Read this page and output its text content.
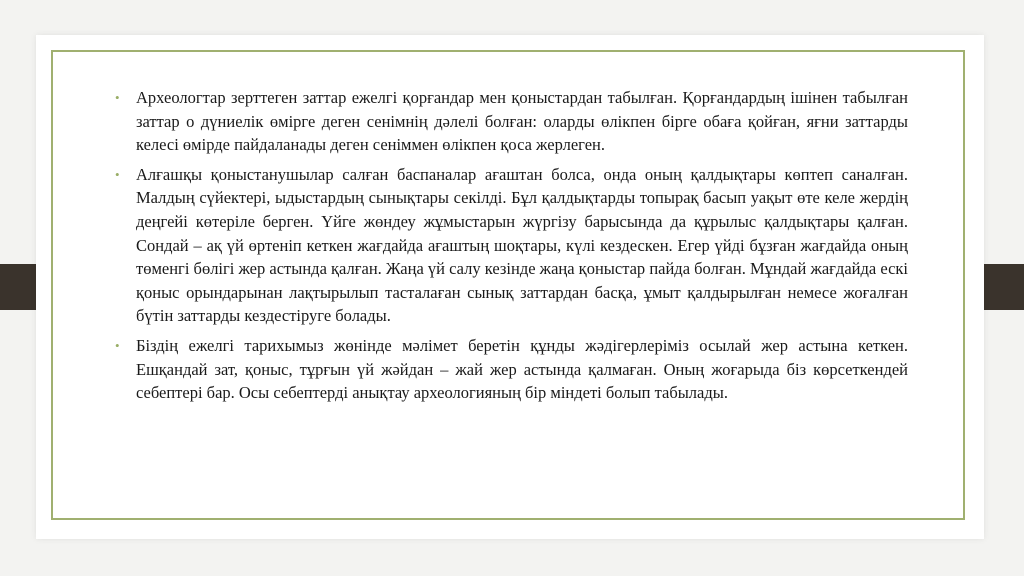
• Археологтар зерттеген заттар ежелгі қорғандар мен қоныстардан табылған. Қорғандардың ішінен табылған заттар о дүниелік өмірге деген сенімнің дәлелі болған: оларды өлікпен бірге обаға қойған, яғни заттарды келесі өмірде пайдаланады деген сеніммен өлікпен қоса жерлеген.

• Алғашқы қоныстанушылар салған баспаналар ағаштан болса, онда оның қалдықтары көптеп саналған. Малдың сүйектері, ыдыстардың сынықтары секілді. Бұл қалдықтарды топырақ басып уақыт өте келе жердің деңгейі көтеріле берген. Үйге жөндеу жұмыстарын жүргізу барысында да құрылыс қалдықтары қалған. Сондай – ақ үй өртеніп кеткен жағдайда ағаштың шоқтары, күлі кездескен. Егер үйді бұзған жағдайда оның төменгі бөлігі жер астында қалған. Жаңа үй салу кезінде жаңа қоныстар пайда болған. Мұндай жағдайда ескі қоныс орындарынан лақтырылып тасталаған сынық заттардан басқа, ұмыт қалдырылған немесе жоғалған бүтін заттарды кездестіруге болады.

• Біздің ежелгі тарихымыз жөнінде мәлімет беретін құнды жәдігерлеріміз осылай жер астына кеткен. Ешқандай зат, қоныс, тұрғын үй жәйдан – жай жер астында қалмаған. Оның жоғарыда біз көрсеткендей себептері бар. Осы себептерді анықтау археологияның бір міндеті болып табылады.
